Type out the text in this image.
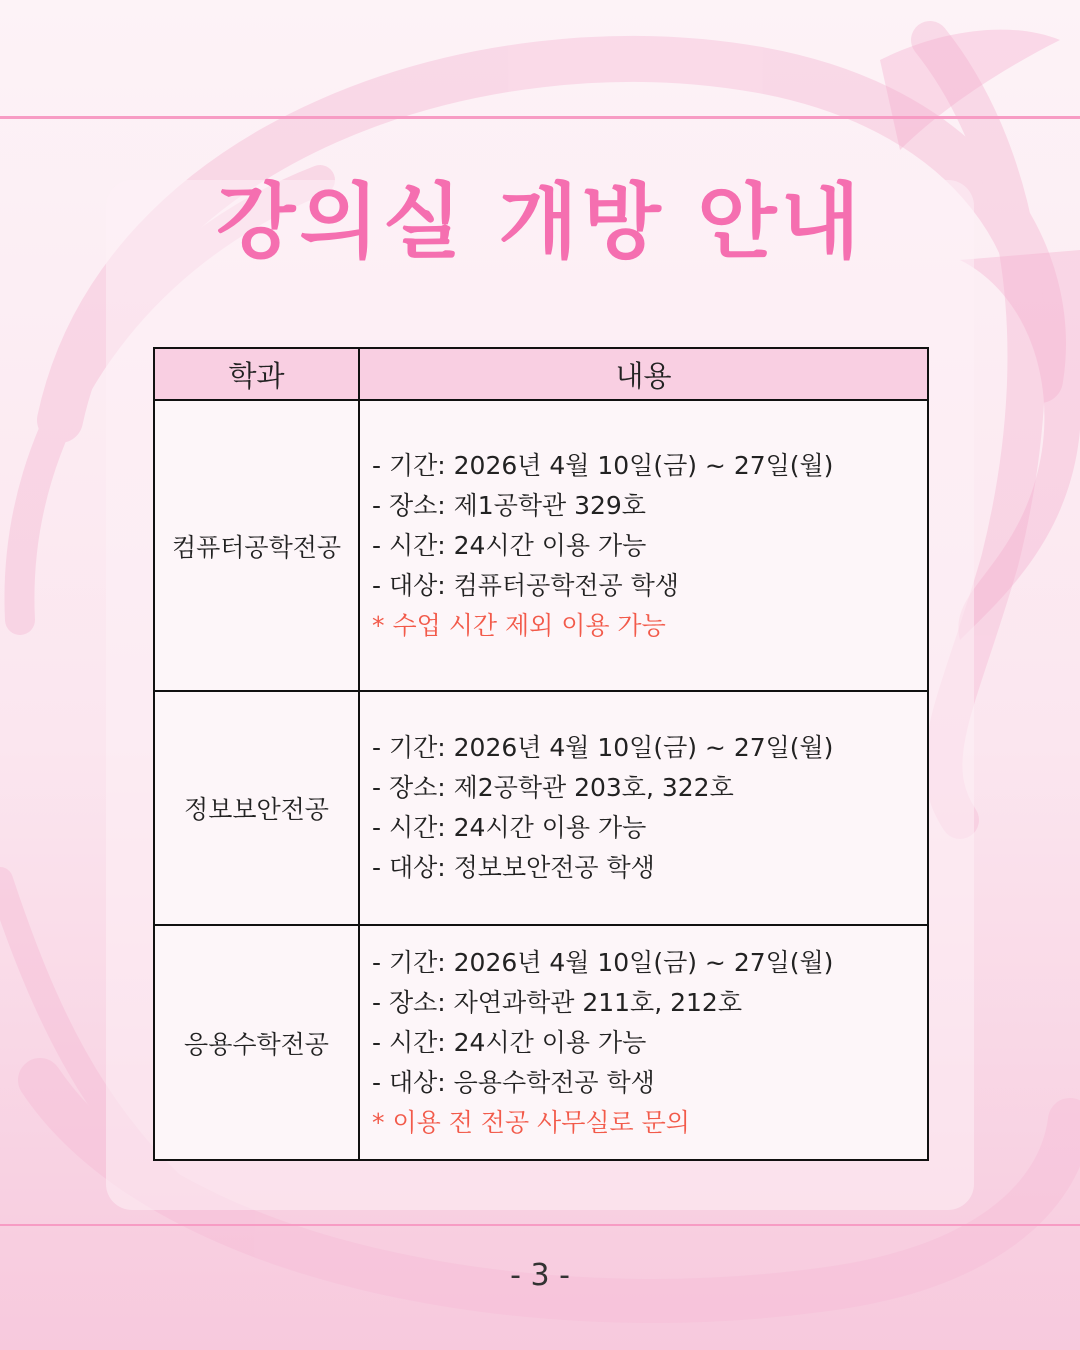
강의실 개방 안내
학과	내용
컴퓨터공학전공	- 기간: 2026년 4월 10일(금) ~ 27일(월)
- 장소: 제1공학관 329호
- 시간: 24시간 이용 가능
- 대상: 컴퓨터공학전공 학생
* 수업 시간 제외 이용 가능

정보보안전공	- 기간: 2026년 4월 10일(금) ~ 27일(월)
- 장소: 제2공학관 203호, 322호
- 시간: 24시간 이용 가능
- 대상: 정보보안전공 학생

응용수학전공	- 기간: 2026년 4월 10일(금) ~ 27일(월)
- 장소: 자연과학관 211호, 212호
- 시간: 24시간 이용 가능
- 대상: 응용수학전공 학생
* 이용 전 전공 사무실로 문의
- 3 -
